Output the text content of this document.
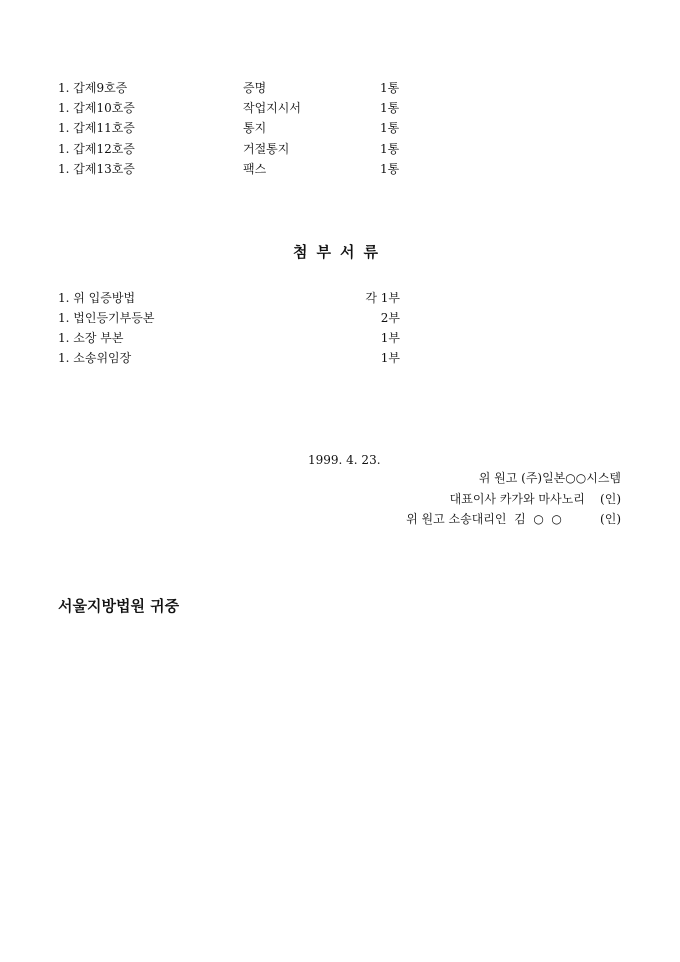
1. 갑제9호증	증명	1통
1. 갑제10호증	작업지시서	1통
1. 갑제11호증	통지	1통
1. 갑제12호증	거절통지	1통
1. 갑제13호증	팩스	1통
첨부서류
1. 위 입증방법	각 1부
1. 법인등기부등본	2부
1. 소장 부본	1부
1. 소송위임장	1부
1999. 4. 23.
위 원고 (주)일본○○시스템
대표이사 카가와 마사노리    (인)
위 원고 소송대리인  김  ○  ○          (인)
서울지방법원 귀중
